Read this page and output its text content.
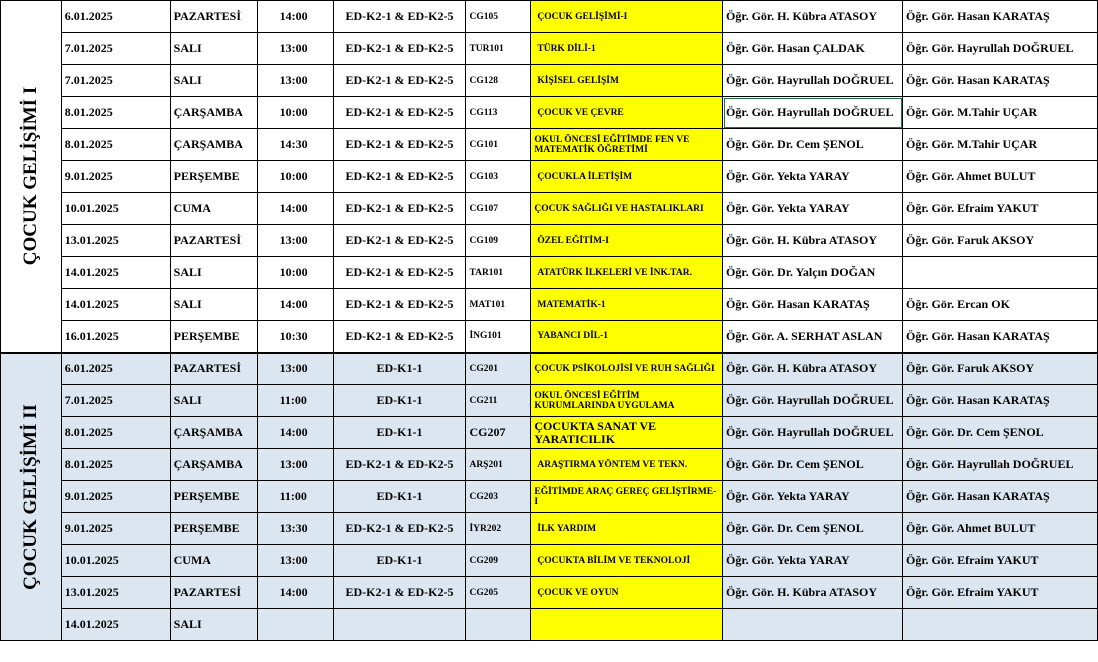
ÇOCUK GELİŞİMİ I	6.01.2025	PAZARTESİ	14:00	ED-K2-1 & ED-K2-5	CG105	ÇOCUK GELİŞİMİ-I	Öğr. Gör. H. Kübra ATASOY	Öğr. Gör. Hasan KARATAŞ
	7.01.2025	SALI	13:00	ED-K2-1 & ED-K2-5	TUR101	TÜRK DİLİ-1	Öğr. Gör. Hasan ÇALDAK	Öğr. Gör. Hayrullah DOĞRUEL
	7.01.2025	SALI	13:00	ED-K2-1 & ED-K2-5	CG128	KİŞİSEL GELİŞİM	Öğr. Gör. Hayrullah DOĞRUEL	Öğr. Gör. Hasan KARATAŞ
	8.01.2025	ÇARŞAMBA	10:00	ED-K2-1 & ED-K2-5	CG113	ÇOCUK VE ÇEVRE	Öğr. Gör. Hayrullah DOĞRUEL	Öğr. Gör. M.Tahir UÇAR
	8.01.2025	ÇARŞAMBA	14:30	ED-K2-1 & ED-K2-5	CG101	OKUL ÖNCESİ EĞİTİMDE FEN VE MATEMATİK ÖĞRETİMİ	Öğr. Gör. Dr. Cem ŞENOL	Öğr. Gör. M.Tahir UÇAR
	9.01.2025	PERŞEMBE	10:00	ED-K2-1 & ED-K2-5	CG103	ÇOCUKLA İLETİŞİM	Öğr. Gör. Yekta YARAY	Öğr. Gör. Ahmet BULUT
	10.01.2025	CUMA	14:00	ED-K2-1 & ED-K2-5	CG107	ÇOCUK SAĞLIĞI VE HASTALIKLARI	Öğr. Gör. Yekta YARAY	Öğr. Gör. Efraim YAKUT
	13.01.2025	PAZARTESİ	13:00	ED-K2-1 & ED-K2-5	CG109	ÖZEL EĞİTİM-I	Öğr. Gör. H. Kübra ATASOY	Öğr. Gör. Faruk AKSOY
	14.01.2025	SALI	10:00	ED-K2-1 & ED-K2-5	TAR101	ATATÜRK İLKELERİ VE İNK.TAR.	Öğr. Gör. Dr. Yalçın DOĞAN	
	14.01.2025	SALI	14:00	ED-K2-1 & ED-K2-5	MAT101	MATEMATİK-1	Öğr. Gör. Hasan KARATAŞ	Öğr. Gör. Ercan OK
	16.01.2025	PERŞEMBE	10:30	ED-K2-1 & ED-K2-5	İNG101	YABANCI DİL-1	Öğr. Gör. A. SERHAT ASLAN	Öğr. Gör. Hasan KARATAŞ

ÇOCUK GELİŞİMİ II	6.01.2025	PAZARTESİ	13:00	ED-K1-1	CG201	ÇOCUK PSİKOLOJİSİ VE RUH SAĞLIĞI	Öğr. Gör. H. Kübra ATASOY	Öğr. Gör. Faruk AKSOY
	7.01.2025	SALI	11:00	ED-K1-1	CG211	OKUL ÖNCESİ EĞİTİM KURUMLARINDA UYGULAMA	Öğr. Gör. Hayrullah DOĞRUEL	Öğr. Gör. Hasan KARATAŞ
	8.01.2025	ÇARŞAMBA	14:00	ED-K1-1	CG207	ÇOCUKTA SANAT VE YARATICILIK	Öğr. Gör. Hayrullah DOĞRUEL	Öğr. Gör. Dr. Cem ŞENOL
	8.01.2025	ÇARŞAMBA	13:00	ED-K2-1 & ED-K2-5	ARŞ201	ARAŞTIRMA YÖNTEM VE TEKN.	Öğr. Gör. Dr. Cem ŞENOL	Öğr. Gör. Hayrullah DOĞRUEL
	9.01.2025	PERŞEMBE	11:00	ED-K1-1	CG203	EĞİTİMDE ARAÇ GEREÇ GELİŞTİRME-I	Öğr. Gör. Yekta YARAY	Öğr. Gör. Hasan KARATAŞ
	9.01.2025	PERŞEMBE	13:30	ED-K2-1 & ED-K2-5	İYR202	İLK YARDIM	Öğr. Gör. Dr. Cem ŞENOL	Öğr. Gör. Ahmet BULUT
	10.01.2025	CUMA	13:00	ED-K1-1	CG209	ÇOCUKTA BİLİM VE TEKNOLOJİ	Öğr. Gör. Yekta YARAY	Öğr. Gör. Efraim YAKUT
	13.01.2025	PAZARTESİ	14:00	ED-K2-1 & ED-K2-5	CG205	ÇOCUK VE OYUN	Öğr. Gör. H. Kübra ATASOY	Öğr. Gör. Efraim YAKUT
	14.01.2025	SALI						
